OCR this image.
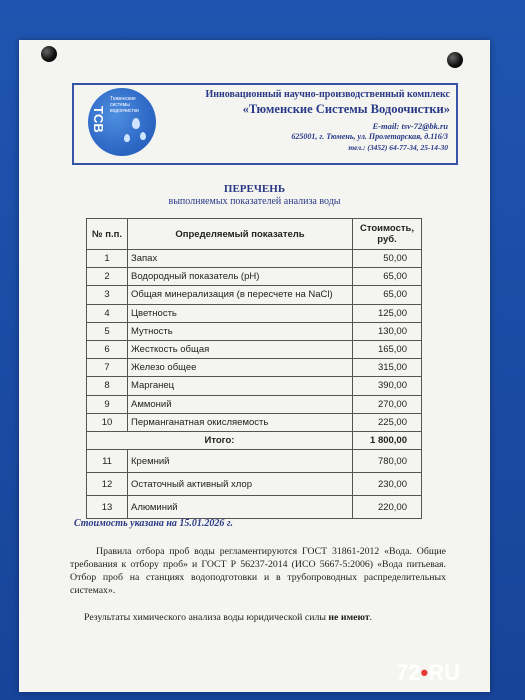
ТСВ
Тюменские системы водоочистки
Инновационный научно-производственный комплекс
«Тюменские Системы Водоочистки»
E-mail: tsv-72@bk.ru
625001, г. Тюмень, ул. Пролетарская, д.116/3
тел.: (3452) 64-77-34, 25-14-30
ПЕРЕЧЕНЬ
выполняемых показателей анализа воды
№ п.п.	Определяемый показатель	Стоимость, руб.
1	Запах	50,00
2	Водородный показатель (pH)	65,00
3	Общая минерализация (в пересчете на NaCl)	65,00
4	Цветность	125,00
5	Мутность	130,00
6	Жесткость общая	165,00
7	Железо общее	315,00
8	Марганец	390,00
9	Аммоний	270,00
10	Перманганатная окисляемость	225,00
Итого:		1 800,00
11	Кремний	780,00
12	Остаточный активный хлор	230,00
13	Алюминий	220,00
Стоимость указана на 15.01.2026 г.
Правила отбора проб воды регламентируются ГОСТ 31861-2012 «Вода. Общие требования к отбору проб» и ГОСТ Р 56237-2014 (ИСО 5667-5:2006) «Вода питьевая. Отбор проб на станциях водоподготовки и в трубопроводных распределительных системах».
Результаты химического анализа воды юридической силы не имеют.
72•RU
